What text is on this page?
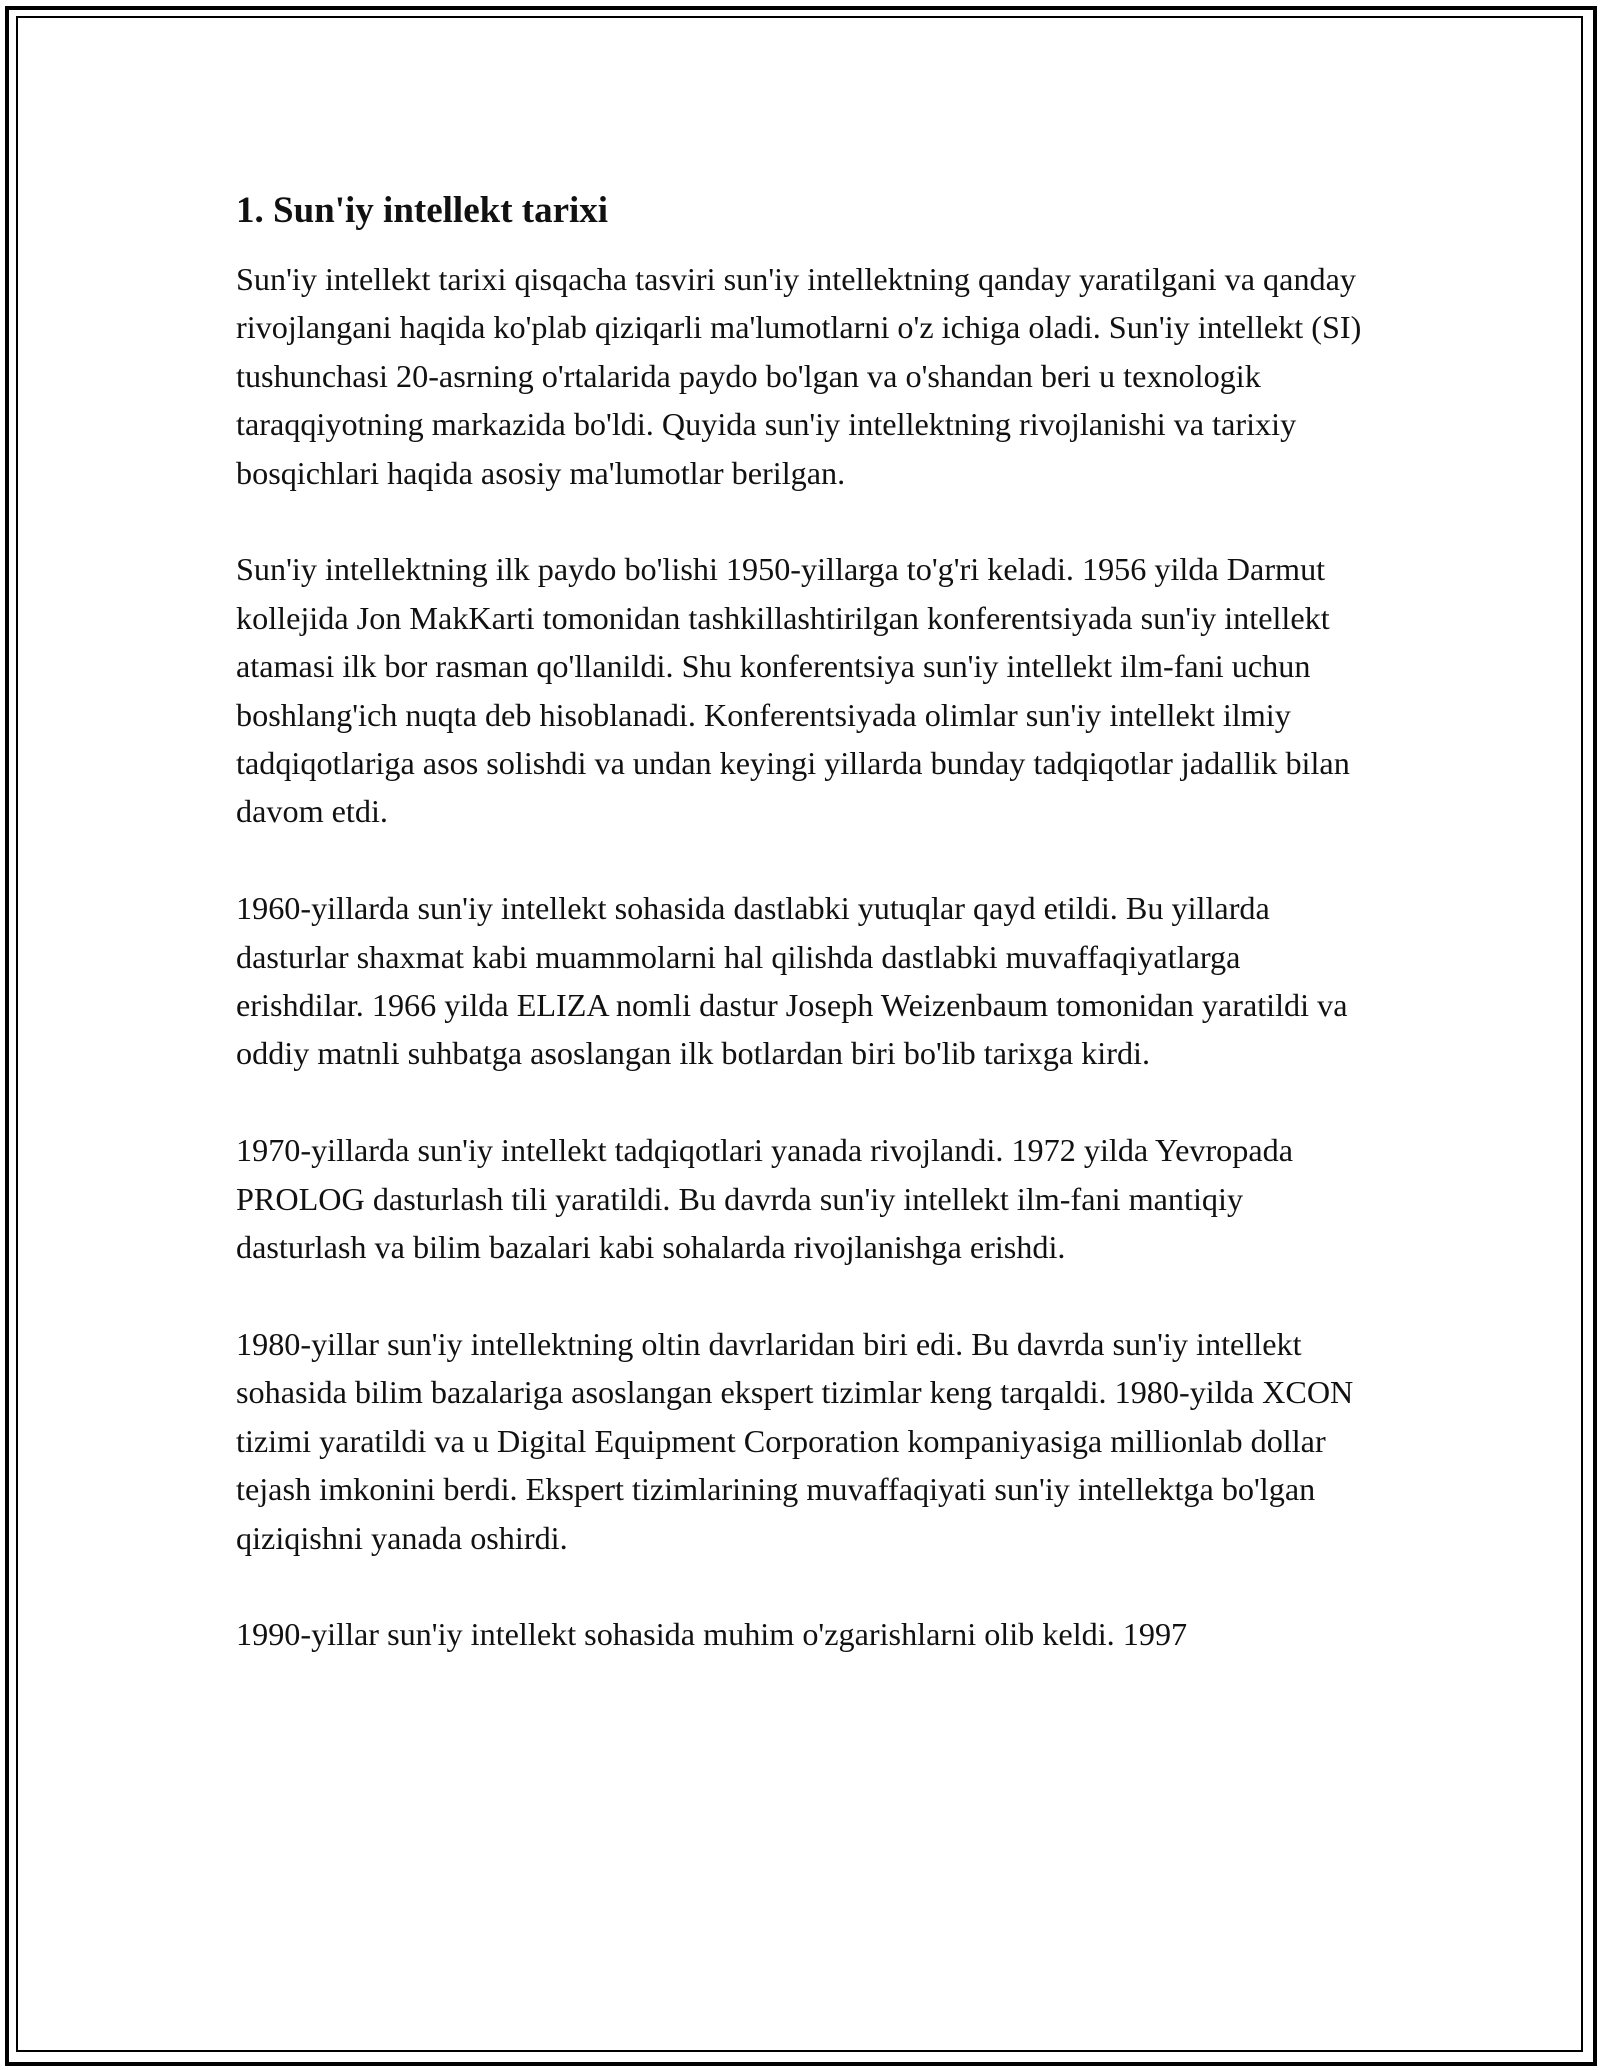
1. Sun'iy intellekt tarixi

Sun'iy intellekt tarixi qisqacha tasviri sun'iy intellektning qanday yaratilgani va qanday rivojlangani haqida ko'plab qiziqarli ma'lumotlarni o'z ichiga oladi. Sun'iy intellekt (SI) tushunchasi 20-asrning o'rtalarida paydo bo'lgan va o'shandan beri u texnologik taraqqiyotning markazida bo'ldi. Quyida sun'iy intellektning rivojlanishi va tarixiy bosqichlari haqida asosiy ma'lumotlar berilgan.

Sun'iy intellektning ilk paydo bo'lishi 1950-yillarga to'g'ri keladi. 1956 yilda Darmut kollejida Jon MakKarti tomonidan tashkillashtirilgan konferentsiyada sun'iy intellekt atamasi ilk bor rasman qo'llanildi. Shu konferentsiya sun'iy intellekt ilm-fani uchun boshlang'ich nuqta deb hisoblanadi. Konferentsiyada olimlar sun'iy intellekt ilmiy tadqiqotlariga asos solishdi va undan keyingi yillarda bunday tadqiqotlar jadallik bilan davom etdi.

1960-yillarda sun'iy intellekt sohasida dastlabki yutuqlar qayd etildi. Bu yillarda dasturlar shaxmat kabi muammolarni hal qilishda dastlabki muvaffaqiyatlarga erishdilar. 1966 yilda ELIZA nomli dastur Joseph Weizenbaum tomonidan yaratildi va oddiy matnli suhbatga asoslangan ilk botlardan biri bo'lib tarixga kirdi.

1970-yillarda sun'iy intellekt tadqiqotlari yanada rivojlandi. 1972 yilda Yevropada PROLOG dasturlash tili yaratildi. Bu davrda sun'iy intellekt ilm-fani mantiqiy dasturlash va bilim bazalari kabi sohalarda rivojlanishga erishdi.

1980-yillar sun'iy intellektning oltin davrlaridan biri edi. Bu davrda sun'iy intellekt sohasida bilim bazalariga asoslangan ekspert tizimlar keng tarqaldi. 1980-yilda XCON tizimi yaratildi va u Digital Equipment Corporation kompaniyasiga millionlab dollar tejash imkonini berdi. Ekspert tizimlarining muvaffaqiyati sun'iy intellektga bo'lgan qiziqishni yanada oshirdi.

1990-yillar sun'iy intellekt sohasida muhim o'zgarishlarni olib keldi. 1997
